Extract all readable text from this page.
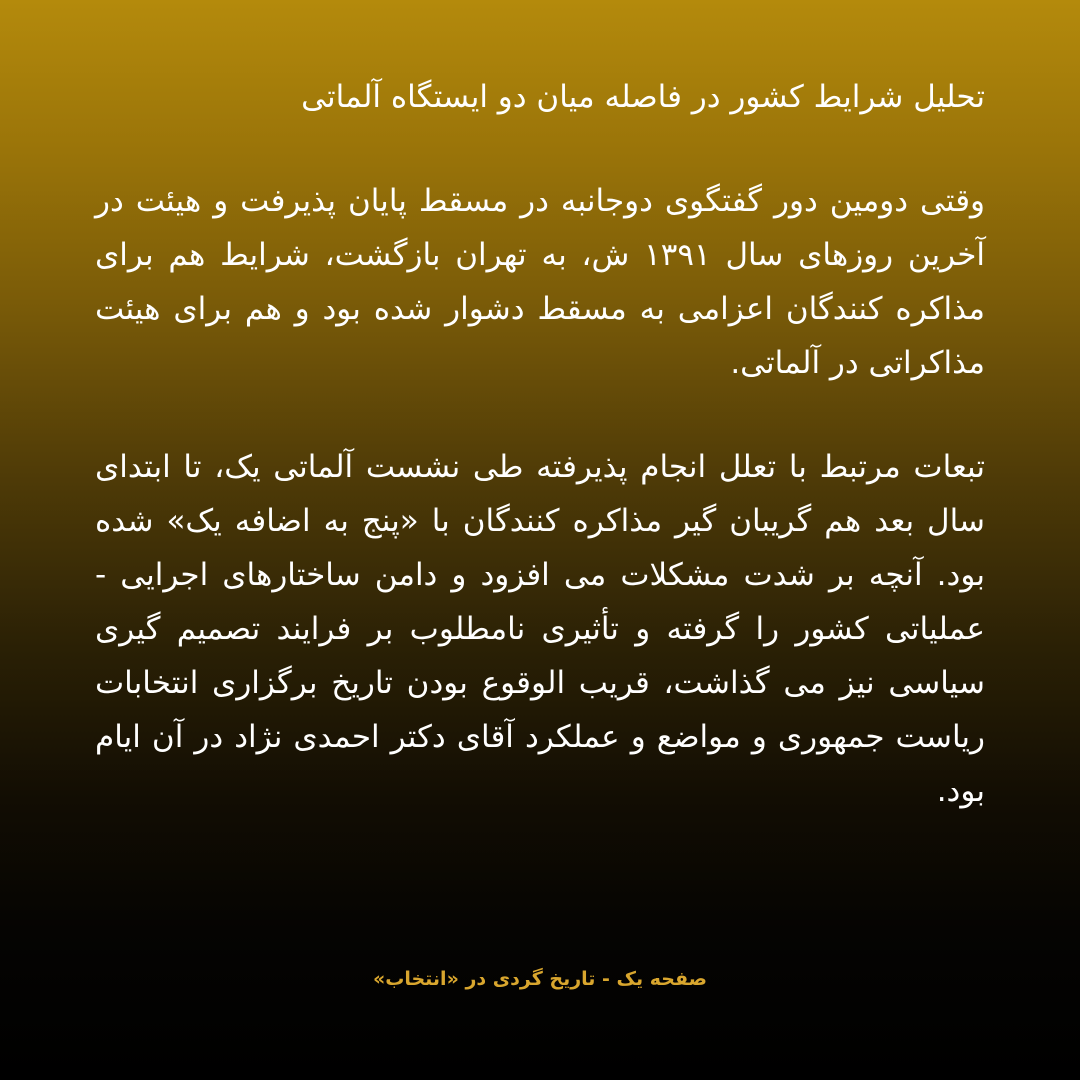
تحلیل شرایط کشور در فاصله میان دو ایستگاه آلماتی

وقتی دومین دور گفتگوی دوجانبه در مسقط پایان پذیرفت و هیئت در آخرین روزهای سال ۱۳۹۱ ش، به تهران بازگشت، شرایط هم برای مذاکره کنندگان اعزامی به مسقط دشوار شده بود و هم برای هیئت مذاکراتی در آلماتی.

تبعات مرتبط با تعلل انجام پذیرفته طی نشست آلماتی یک، تا ابتدای سال بعد هم گریبان گیر مذاکره کنندگان با «پنج به اضافه یک» شده بود. آنچه بر شدت مشکلات می افزود و دامن ساختارهای اجرایی - عملیاتی کشور را گرفته و تأثیری نامطلوب بر فرایند تصمیم گیری سیاسی نیز می گذاشت، قریب الوقوع بودن تاریخ برگزاری انتخابات ریاست جمهوری و مواضع و عملکرد آقای دکتر احمدی نژاد در آن ایام بود.

صفحه یک - تاریخ گردی در «انتخاب»
